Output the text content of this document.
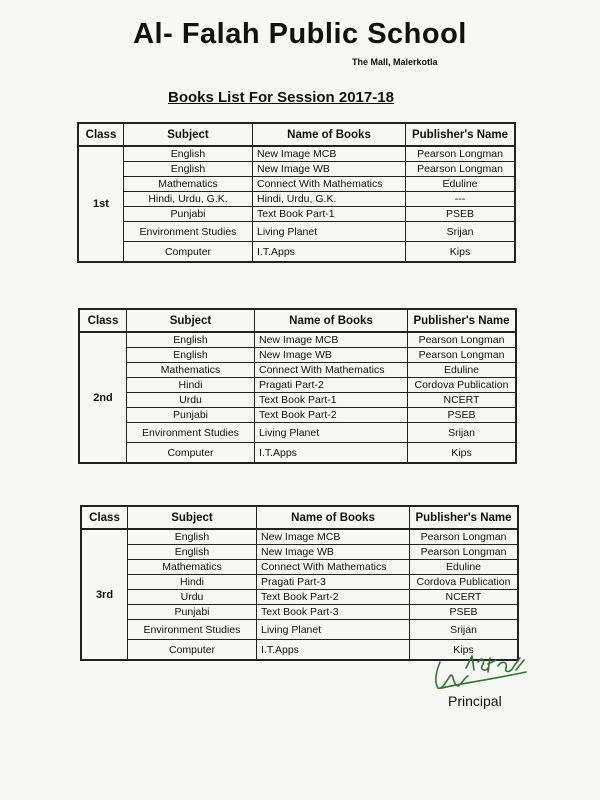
Al- Falah Public School
The Mall, Malerkotla
Books List For Session 2017-18
Class	Subject	Name of Books	Publisher's Name
1st	English	New Image MCB	Pearson Longman
	English	New Image WB	Pearson Longman
	Mathematics	Connect With Mathematics	Eduline
	Hindi, Urdu, G.K.	Hindi, Urdu, G.K.	---
	Punjabi	Text Book Part-1	PSEB
	Environment Studies	Living Planet	Srijan
	Computer	I.T.Apps	Kips
Class	Subject	Name of Books	Publisher's Name
2nd	English	New Image MCB	Pearson Longman
	English	New Image WB	Pearson Longman
	Mathematics	Connect With Mathematics	Eduline
	Hindi	Pragati Part-2	Cordova Publication
	Urdu	Text Book Part-1	NCERT
	Punjabi	Text Book Part-2	PSEB
	Environment Studies	Living Planet	Srijan
	Computer	I.T.Apps	Kips
Class	Subject	Name of Books	Publisher's Name
3rd	English	New Image MCB	Pearson Longman
	English	New Image WB	Pearson Longman
	Mathematics	Connect With Mathematics	Eduline
	Hindi	Pragati Part-3	Cordova Publication
	Urdu	Text Book Part-2	NCERT
	Punjabi	Text Book Part-3	PSEB
	Environment Studies	Living Planet	Srijan
	Computer	I.T.Apps	Kips
Principal
